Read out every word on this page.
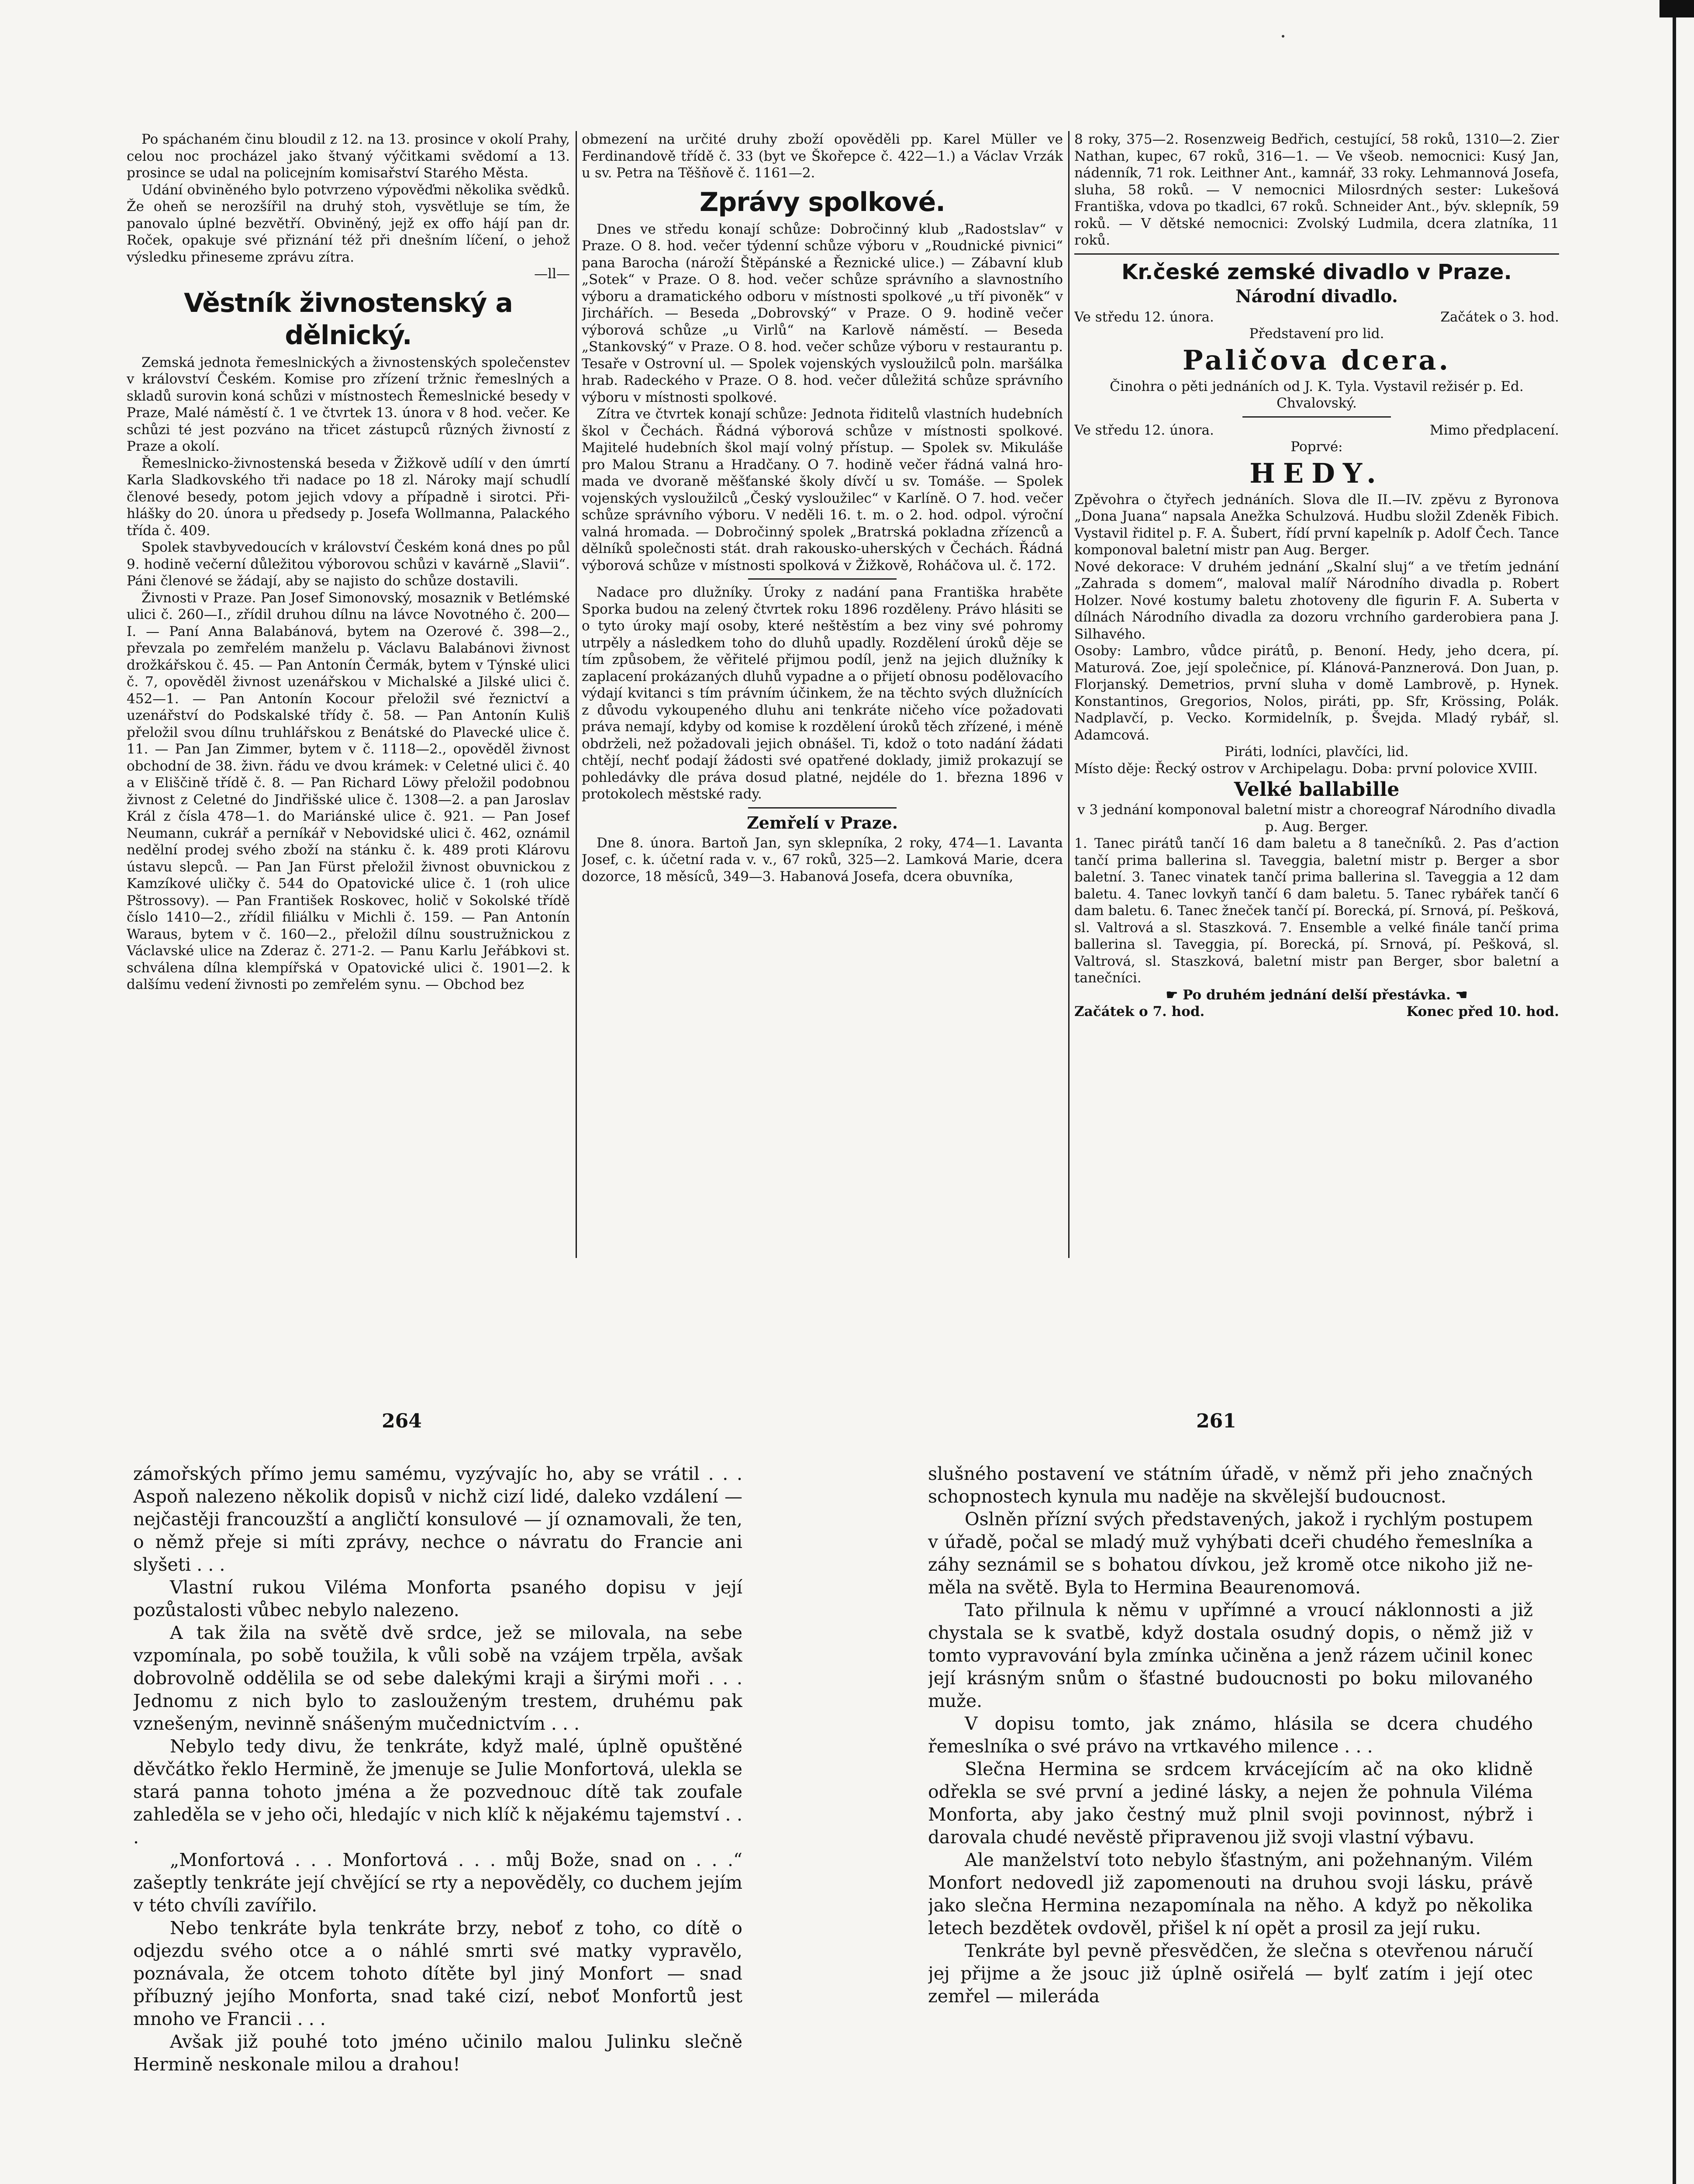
Po spáchaném činu bloudil z 12. na 13. prosince v okolí Prahy, celou noc procházel jako štvaný výčitkami svědomí a 13. prosince se udal na policejním komisařství Starého Města.

Udání obviněného bylo potvrzeno výpověďmi několika svědků. Že oheň se nerozšířil na druhý stoh, vysvětluje se tím, že panovalo úplné bezvětří. Obviněný, jejž ex offo hájí pan dr. Roček, opakuje své přiznání též při dnešním líčení, o jehož výsledku přineseme zprávu zítra.

—ll—

Věstník živnostenský a dělnický.

Zemská jednota řemeslnických a živnostenských společenstev v království Českém. Komise pro zřízení tržnic řemeslných a skladů surovin koná schůzi v místnostech Řemeslnické besedy v Praze, Malé náměstí č. 1 ve čtvrtek 13. února v 8 hod. večer. Ke schůzi té jest pozváno na třicet zástupců různých živností z Praze a okolí.

Řemeslnicko-živnostenská beseda v Žižkově udílí v den úmrtí Karla Sladkovského tři nadace po 18 zl. Nároky mají schudlí členové besedy, potom jejich vdovy a případně i sirotci. Přihlášky do 20. února u předsedy p. Josefa Wollmanna, Palackého třída č. 409.

Spolek stavbyvedoucích v království Českém koná dnes po půl 9. hodině večerní důležitou výborovou schůzi v kavárně „Slavii“. Páni členové se žádají, aby se najisto do schůze dostavili.

Živnosti v Praze. Pan Josef Simonovský, mosaznik v Betlémské ulici č. 260—I., zřídil druhou dílnu na lávce Novotného č. 200—I. — Paní Anna Balabánová, bytem na Ozerové č. 398—2., převzala po zemřelém manželu p. Václavu Balabánovi živnost drožkářskou č. 45. — Pan Antonín Čermák, bytem v Týnské ulici č. 7, opověděl živnost uzenářskou v Michalské a Jilské ulici č. 452—1. — Pan Antonín Kocour přeložil své řeznictví a uzenářství do Podskalské třídy č. 58. — Pan Antonín Kuliš přeložil svou dílnu truhlářskou z Benátské do Plavecké ulice č. 11. — Pan Jan Zimmer, bytem v č. 1118—2., opověděl živnost obchodní de 38. živn. řádu ve dvou krámek: v Celetné ulici č. 40 a v Eliščině třídě č. 8. — Pan Richard Löwy přeložil podobnou živnost z Celetné do Jindřišské ulice č. 1308—2. a pan Jaroslav Král z čísla 478—1. do Mariánské ulice č. 921. — Pan Josef Neumann, cukrář a perníkář v Nebovidské ulici č. 462, oznámil nedělní prodej svého zboží na stánku č. k. 489 proti Klárovu ústavu slepců. — Pan Jan Fürst přeložil živnost obuvnickou z Kamzíkové uličky č. 544 do Opatovické ulice č. 1 (roh ulice Pštrossovy). — Pan František Roskovec, holič v Sokolské třídě číslo 1410—2., zřídil filiálku v Michli č. 159. — Pan Antonín Waraus, bytem v č. 160—2., přeložil dílnu soustružnickou z Václavské ulice na Zderaz č. 271-2. — Panu Karlu Jeřábkovi st. schválena dílna klempířská v Opatovické ulici č. 1901—2. k dalšímu vedení živnosti po zemřelém synu. — Obchod bez

obmezení na určité druhy zboží opověděli pp. Karel Müller ve Ferdinandově třídě č. 33 (byt ve Škořepce č. 422—1.) a Václav Vrzák u sv. Petra na Těšňově č. 1161—2.

Zprávy spolkové.

Dnes ve středu konají schůze: Dobročinný klub „Radostslav“ v Praze. O 8. hod. večer týdenní schůze výboru v „Roudnické pivnici“ pana Barocha (nároží Štěpánské a Řeznické ulice.) — Zábavní klub „Sotek“ v Praze. O 8. hod. večer schůze správního a slavnostního výboru a dramatického odboru v místnosti spolkové „u tří pivoněk“ v Jirchářích. — Beseda „Dobrovský“ v Praze. O 9. hodině večer výborová schůze „u Virlů“ na Karlově náměstí. — Beseda „Stankovský“ v Praze. O 8. hod. večer schůze výboru v restaurantu p. Tesaře v Ostrovní ul. — Spolek vojenských vysloužilců poln. maršálka hrab. Radeckého v Praze. O 8. hod. večer důležitá schůze správního výboru v místnosti spolkové.

Zítra ve čtvrtek konají schůze: Jednota řiditelů vlastních hudebních škol v Čechách. Řádná výborová schůze v místnosti spolkové. Majitelé hudebních škol mají volný přístup. — Spolek sv. Mikuláše pro Malou Stranu a Hradčany. O 7. hodině večer řádná valná hromada ve dvoraně měšťanské školy dívčí u sv. Tomáše. — Spolek vojenských vysloužilců „Český vysloužilec“ v Karlíně. O 7. hod. večer schůze správního výboru. V neděli 16. t. m. o 2. hod. odpol. výroční valná hromada. — Dobročinný spolek „Bratrská pokladna zřízenců a dělníků společnosti stát. drah rakousko-uherských v Čechách. Řádná výborová schůze v místnosti spolková v Žižkově, Roháčova ul. č. 172.

Nadace pro dlužníky. Úroky z nadání pana Františka hraběte Sporka budou na zelený čtvrtek roku 1896 rozděleny. Právo hlásiti se o tyto úroky mají osoby, které neštěstím a bez viny své pohromy utrpěly a následkem toho do dluhů upadly. Rozdělení úroků děje se tím způsobem, že věřitelé přijmou podíl, jenž na jejich dlužníky k zaplacení prokázaných dluhů vypadne a o přijetí obnosu podělovacího výdají kvitanci s tím právním účinkem, že na těchto svých dlužnících z důvodu vykoupeného dluhu ani tenkráte ničeho více požadovati práva nemají, kdyby od komise k rozdělení úroků těch zřízené, i méně obdrželi, než požadovali jejich obnášel. Ti, kdož o toto nadání žádati chtějí, nechť podají žádosti své opatřené doklady, jimiž prokazují se pohledávky dle práva dosud platné, nejdéle do 1. března 1896 v protokolech městské rady.

Zemřelí v Praze.

Dne 8. února. Bartoň Jan, syn sklepníka, 2 roky, 474—1. Lavanta Josef, c. k. účetní rada v. v., 67 roků, 325—2. Lamková Marie, dcera dozorce, 18 měsíců, 349—3. Habanová Josefa, dcera obuvníka,

8 roky, 375—2. Rosenzweig Bedřich, cestující, 58 roků, 1310—2. Zier Nathan, kupec, 67 roků, 316—1. — Ve všeob. nemocnici: Kusý Jan, nádenník, 71 rok. Leithner Ant., kamnář, 33 roky. Lehmannová Josefa, sluha, 58 roků. — V nemocnici Milosrdných sester: Lukešová Františka, vdova po tkadlci, 67 roků. Schneider Ant., býv. sklepník, 59 roků. — V dětské nemocnici: Zvolský Ludmila, dcera zlatníka, 11 roků.

Kr.české zemské divadlo v Praze.
Národní divadlo.

Ve středu 12. února.	Začátek o 3. hod.

Představení pro lid.

Paličova dcera.

Činohra o pěti jednáních od J. K. Tyla. Vystavil režisér p. Ed. Chvalovský.

Ve středu 12. února.	Mimo předplacení.

Poprvé:

HEDY.

Zpěvohra o čtyřech jednáních. Slova dle II.—IV. zpěvu z Byronova „Dona Juana“ napsala Anežka Schulzová. Hudbu složil Zdeněk Fibich. Vystavil řiditel p. F. A. Šubert, řídí první kapelník p. Adolf Čech. Tance komponoval baletní mistr pan Aug. Berger.

Nové dekorace: V druhém jednání „Skalní sluj“ a ve třetím jednání „Zahrada s domem“, maloval malíř Národního divadla p. Robert Holzer. Nové kostumy baletu zhotoveny dle figurin F. A. Suberta v dílnách Národního divadla za dozoru vrchního garderobiera pana J. Silhavého.

Osoby: Lambro, vůdce pirátů, p. Benoní. Hedy, jeho dcera, pí. Maturová. Zoe, její společnice, pí. Klánová-Panznerová. Don Juan, p. Florjanský. Demetrios, první sluha v domě Lambrově, p. Hynek. Konstantinos, Gregorios, Nolos, piráti, pp. Sfr, Krössing, Polák. Nadplavčí, p. Vecko. Kormidelník, p. Švejda. Mladý rybář, sl. Adamcová.

Piráti, lodníci, plavčíci, lid.

Místo děje: Řecký ostrov v Archipelagu. Doba: první polovice XVIII.

Velké ballabille

v 3 jednání komponoval baletní mistr a choreograf Národního divadla p. Aug. Berger.

1. Tanec pirátů tančí 16 dam baletu a 8 tanečníků. 2. Pas d’action tančí prima ballerina sl. Taveggia, baletní mistr p. Berger a sbor baletní. 3. Tanec vinatek tančí prima ballerina sl. Taveggia a 12 dam baletu. 4. Tanec lovkyň tančí 6 dam baletu. 5. Tanec rybářek tančí 6 dam baletu. 6. Tanec žneček tančí pí. Borecká, pí. Srnová, pí. Pešková, sl. Valtrová a sl. Staszková. 7. Ensemble a velké finále tančí prima ballerina sl. Taveggia, pí. Borecká, pí. Srnová, pí. Pešková, sl. Valtrová, sl. Staszková, baletní mistr pan Berger, sbor baletní a tanečníci.

☛ Po druhém jednání delší přestávka. ☚

Začátek o 7. hod.	Konec před 10. hod.

264	261

zámořských přímo jemu samému, vyzývajíc ho, aby se vrátil . . . Aspoň nalezeno několik dopisů v nichž cizí lidé, daleko vzdálení — nejčastěji francouzští a angličtí konsulové — jí oznamovali, že ten, o němž přeje si míti zprávy, nechce o návratu do Francie ani slyšeti . . .

Vlastní rukou Viléma Monforta psaného dopisu v její pozůstalosti vůbec nebylo nalezeno.

A tak žila na světě dvě srdce, jež se milovala, na sebe vzpomínala, po sobě toužila, k vůli sobě na vzájem trpěla, avšak dobrovolně oddělila se od sebe dalekými kraji a širými moři . . . Jednomu z nich bylo to zaslouženým trestem, druhému pak vznešeným, nevinně snášeným mučednictvím . . .

Nebylo tedy divu, že tenkráte, když malé, úplně opuštěné děvčátko řeklo Hermině, že jmenuje se Julie Monfortová, ulekla se stará panna tohoto jména a že pozvednouc dítě tak zoufale zahleděla se v jeho oči, hledajíc v nich klíč k nějakému tajemství . . .

„Monfortová . . . Monfortová . . . můj Bože, snad on . . .“ zašeptly tenkráte její chvějící se rty a nepověděly, co duchem jejím v této chvíli zavířilo.

Nebo tenkráte byla tenkráte brzy, neboť z toho, co dítě o odjezdu svého otce a o náhlé smrti své matky vypravělo, poznávala, že otcem tohoto dítěte byl jiný Monfort — snad příbuzný jejího Monforta, snad také cizí, neboť Monfortů jest mnoho ve Francii . . .

Avšak již pouhé toto jméno učinilo malou Julinku slečně Hermině neskonale milou a drahou!

slušného postavení ve státním úřadě, v němž při jeho značných schopnostech kynula mu naděje na skvělejší budoucnost.

Oslněn přízní svých představených, jakož i rychlým postupem v úřadě, počal se mladý muž vyhýbati dceři chudého řemeslníka a záhy seznámil se s bohatou dívkou, jež kromě otce nikoho již neměla na světě. Byla to Hermina Beaurenomová.

Tato přilnula k němu v upřímné a vroucí náklonnosti a již chystala se k svatbě, když dostala osudný dopis, o němž již v tomto vypravování byla zmínka učiněna a jenž rázem učinil konec její krásným snům o šťastné budoucnosti po boku milovaného muže.

V dopisu tomto, jak známo, hlásila se dcera chudého řemeslníka o své právo na vrtkavého milence . . .

Slečna Hermina se srdcem krvácejícím ač na oko klidně odřekla se své první a jediné lásky, a nejen že pohnula Viléma Monforta, aby jako čestný muž plnil svoji povinnost, nýbrž i darovala chudé nevěstě připravenou již svoji vlastní výbavu.

Ale manželství toto nebylo šťastným, ani požehnaným. Vilém Monfort nedovedl již zapomenouti na druhou svoji lásku, právě jako slečna Hermina nezapomínala na něho. A když po několika letech bezdětek ovdověl, přišel k ní opět a prosil za její ruku.

Tenkráte byl pevně přesvědčen, že slečna s otevřenou náručí jej přijme a že jsouc již úplně osiřelá — bylť zatím i její otec zemřel — mileráda
